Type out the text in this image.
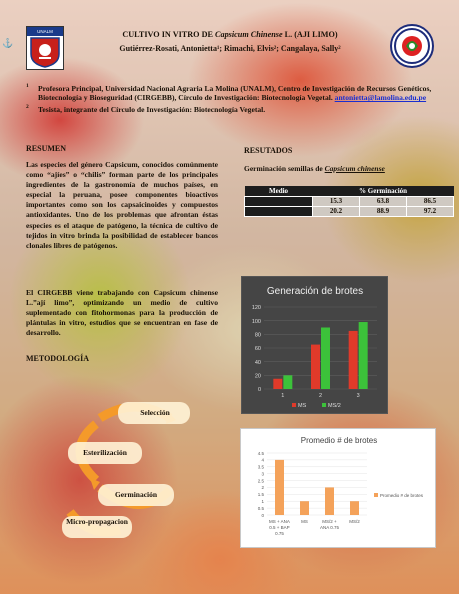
⚓
UNALM	CULTIVO IN VITRO DE Capsicum Chinense L. (AJI LIMO)
Gutiérrez-Rosati, Antonietta¹; Rimachi, Elvis²; Cangalaya, Sally²
1	Profesora Principal, Universidad Nacional Agraria La Molina (UNALM), Centro de Investigación de Recursos Genéticos, Biotecnología y Bioseguridad (CIRGEBB), Círculo de Investigación: Biotecnología Vegetal. antonietta@lamolina.edu.pe
2	Tesista, integrante del Círculo de Investigación: Biotecnología Vegetal.
RESUMEN
Las especies del género Capsicum, conocidos comúnmente como “ajíes” o “chilis” forman parte de los principales ingredientes de la gastronomía de muchos países, en especial la peruana, posee componentes bioactivos importantes como son los capsaicinoides y compuestos antioxidantes. Uno de los problemas que afrontan éstas especies es el ataque de patógeno, la técnica de cultivo de tejidos in vitro brinda la posibilidad de establecer bancos clonales libres de patógenos.
El CIRGEBB viene trabajando con Capsicum chinense L.”ají limo”, optimizando un medio de cultivo suplementado con fitohormonas para la producción de plántulas in vitro, estudios que se encuentran en fase de desarrollo.
METODOLOGÍA
Selección
Esterilización
Germinación
Micro-propagacion
RESUTADOS
Germinación semillas de Capsicum chinense
Medio	% Germinación		
	15.3	63.8	86.5
	20.2	88.9	97.2
Generación de brotes
120
100
80
60
40
20
0
1	2	3
MS	MS/2
Promedio # de brotes
4.5
4
3.5
3
2.5
2
1.5
1
0.5
0
MS + ANA
0.5 + BAP
0.75
MS	MS/2 +
ANA 0.75
MS/2
Promedio # de brotes
